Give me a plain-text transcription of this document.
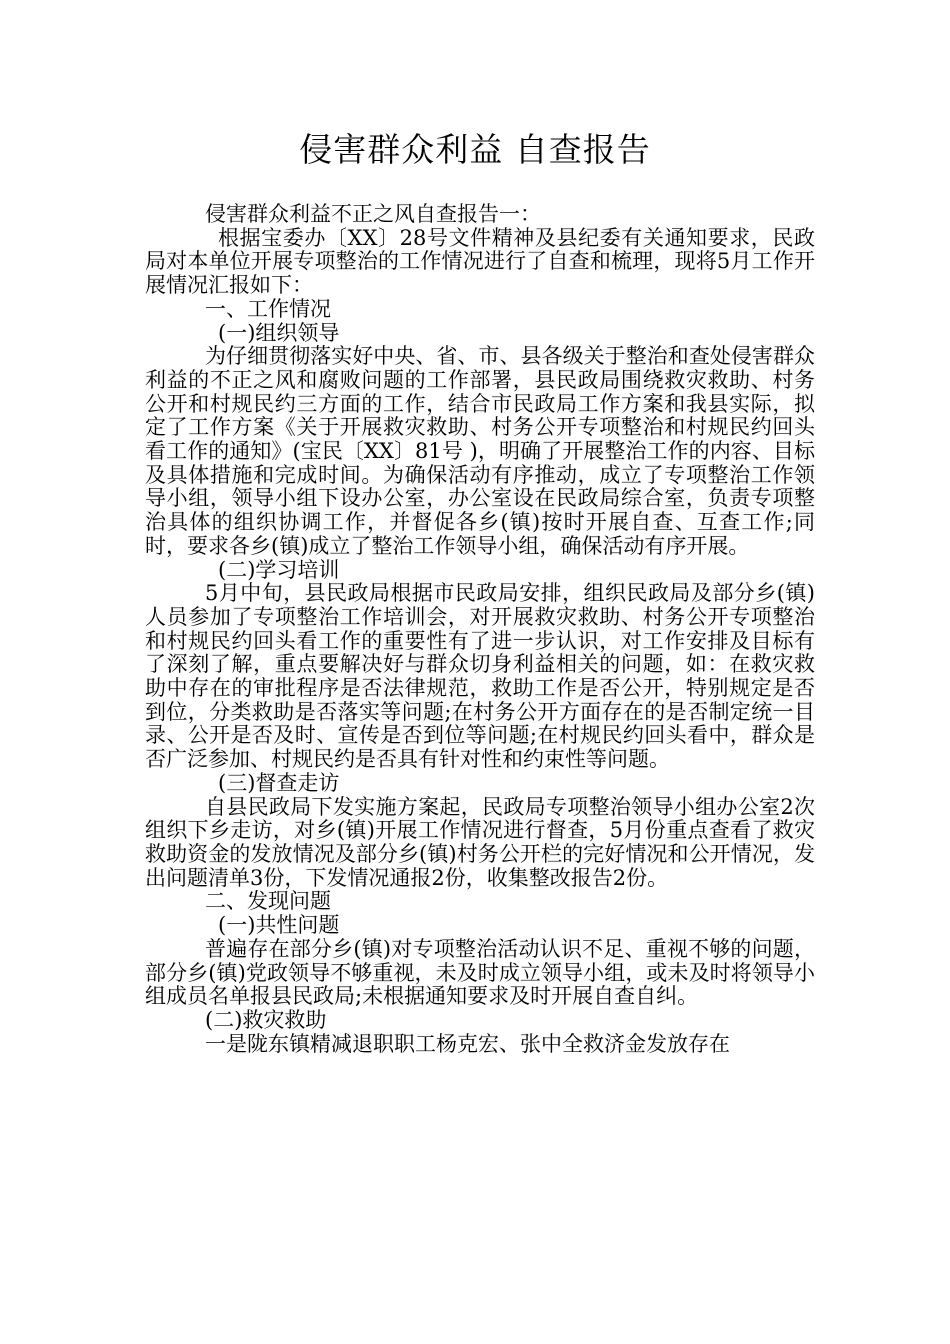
侵害群众利益 自查报告

侵害群众利益不正之风自查报告一：

根据宝委办〔XX〕28号文件精神及县纪委有关通知要求，民政局对本单位开展专项整治的工作情况进行了自查和梳理，现将5月工作开展情况汇报如下：

一、工作情况

(一)组织领导

为仔细贯彻落实好中央、省、市、县各级关于整治和查处侵害群众利益的不正之风和腐败问题的工作部署，县民政局围绕救灾救助、村务公开和村规民约三方面的工作，结合市民政局工作方案和我县实际，拟定了工作方案《关于开展救灾救助、村务公开专项整治和村规民约回头看工作的通知》(宝民〔XX〕81号 )，明确了开展整治工作的内容、目标及具体措施和完成时间。为确保活动有序推动，成立了专项整治工作领导小组，领导小组下设办公室，办公室设在民政局综合室，负责专项整治具体的组织协调工作，并督促各乡(镇)按时开展自查、互查工作;同时，要求各乡(镇)成立了整治工作领导小组，确保活动有序开展。

(二)学习培训

5月中旬，县民政局根据市民政局安排，组织民政局及部分乡(镇)人员参加了专项整治工作培训会，对开展救灾救助、村务公开专项整治和村规民约回头看工作的重要性有了进一步认识，对工作安排及目标有了深刻了解，重点要解决好与群众切身利益相关的问题，如：在救灾救助中存在的审批程序是否法律规范，救助工作是否公开，特别规定是否到位，分类救助是否落实等问题;在村务公开方面存在的是否制定统一目录、公开是否及时、宣传是否到位等问题;在村规民约回头看中，群众是否广泛参加、村规民约是否具有针对性和约束性等问题。

(三)督查走访

自县民政局下发实施方案起，民政局专项整治领导小组办公室2次组织下乡走访，对乡(镇)开展工作情况进行督查，5月份重点查看了救灾救助资金的发放情况及部分乡(镇)村务公开栏的完好情况和公开情况，发出问题清单3份，下发情况通报2份，收集整改报告2份。

二、发现问题

(一)共性问题

普遍存在部分乡(镇)对专项整治活动认识不足、重视不够的问题，部分乡(镇)党政领导不够重视，未及时成立领导小组，或未及时将领导小组成员名单报县民政局;未根据通知要求及时开展自查自纠。

(二)救灾救助

一是陇东镇精减退职职工杨克宏、张中全救济金发放存在
